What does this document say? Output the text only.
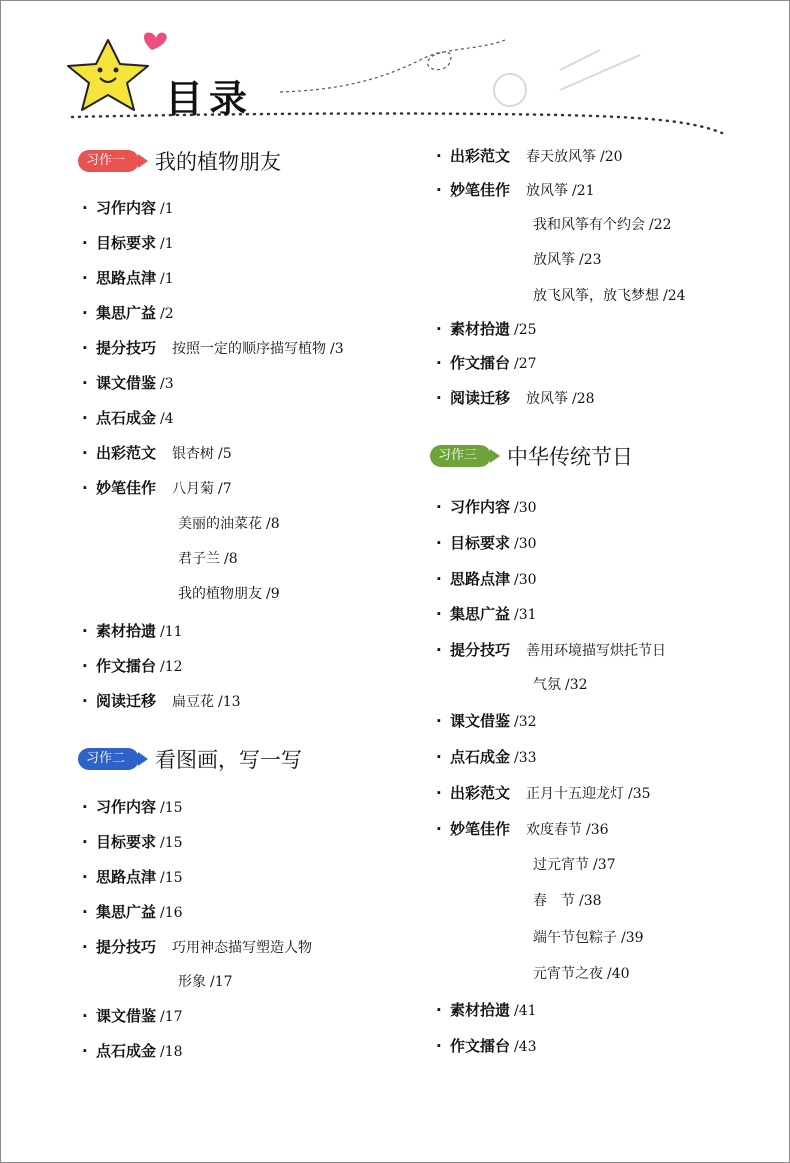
目录
习作一	我的植物朋友
· 习作内容 /1
· 目标要求 /1
· 思路点津 /1
· 集思广益 /2
· 提分技巧 按照一定的顺序描写植物 /3
· 课文借鉴 /3
· 点石成金 /4
· 出彩范文 银杏树 /5
· 妙笔佳作 八月菊 /7
美丽的油菜花 /8
君子兰 /8
我的植物朋友 /9
· 素材拾遗 /11
· 作文擂台 /12
· 阅读迁移 扁豆花 /13
习作二	看图画，写一写
· 习作内容 /15
· 目标要求 /15
· 思路点津 /15
· 集思广益 /16
· 提分技巧 巧用神态描写塑造人物
形象 /17
· 课文借鉴 /17
· 点石成金 /18
· 出彩范文 春天放风筝 /20
· 妙笔佳作 放风筝 /21
我和风筝有个约会 /22
放风筝 /23
放飞风筝，放飞梦想 /24
· 素材拾遗 /25
· 作文擂台 /27
· 阅读迁移 放风筝 /28
习作三	中华传统节日
· 习作内容 /30
· 目标要求 /30
· 思路点津 /30
· 集思广益 /31
· 提分技巧 善用环境描写烘托节日
气氛 /32
· 课文借鉴 /32
· 点石成金 /33
· 出彩范文 正月十五迎龙灯 /35
· 妙笔佳作 欢度春节 /36
过元宵节 /37
春　节 /38
端午节包粽子 /39
元宵节之夜 /40
· 素材拾遗 /41
· 作文擂台 /43
